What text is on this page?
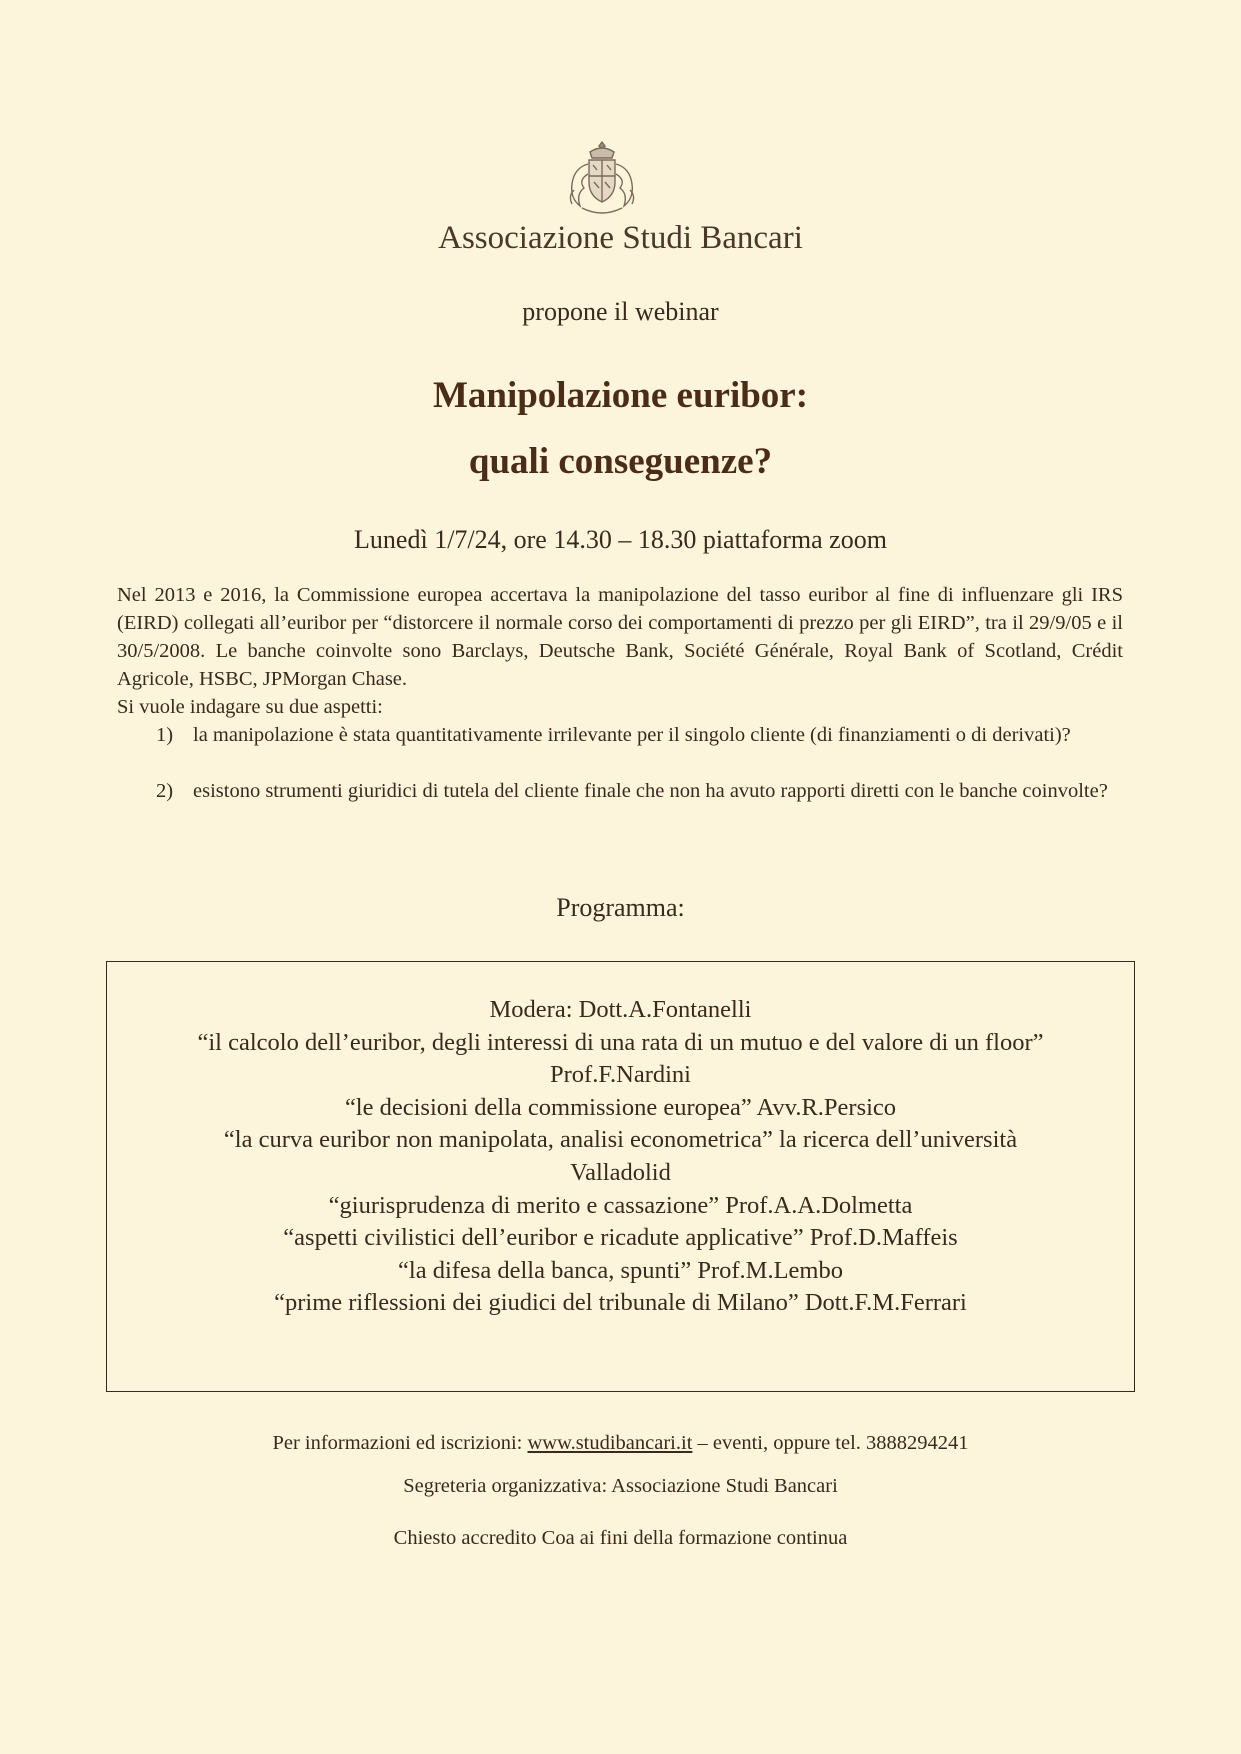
Associazione Studi Bancari
propone il webinar
Manipolazione euribor:
quali conseguenze?
Lunedì 1/7/24, ore 14.30 – 18.30 piattaforma zoom

Nel 2013 e 2016, la Commissione europea accertava la manipolazione del tasso euribor al fine di influenzare gli IRS (EIRD) collegati all’euribor per “distorcere il normale corso dei comportamenti di prezzo per gli EIRD”, tra il 29/9/05 e il 30/5/2008. Le banche coinvolte sono Barclays, Deutsche Bank, Société Générale, Royal Bank of Scotland, Crédit Agricole, HSBC, JPMorgan Chase.

Si vuole indagare su due aspetti:
1) la manipolazione è stata quantitativamente irrilevante per il singolo cliente (di finanziamenti o di derivati)?
2) esistono strumenti giuridici di tutela del cliente finale che non ha avuto rapporti diretti con le banche coinvolte?
Programma:
Modera: Dott.A.Fontanelli
“il calcolo dell’euribor, degli interessi di una rata di un mutuo e del valore di un floor”
Prof.F.Nardini
“le decisioni della commissione europea” Avv.R.Persico
“la curva euribor non manipolata, analisi econometrica” la ricerca dell’università
Valladolid
“giurisprudenza di merito e cassazione” Prof.A.A.Dolmetta
“aspetti civilistici dell’euribor e ricadute applicative” Prof.D.Maffeis
“la difesa della banca, spunti” Prof.M.Lembo
“prime riflessioni dei giudici del tribunale di Milano” Dott.F.M.Ferrari
Per informazioni ed iscrizioni: www.studibancari.it – eventi, oppure tel. 3888294241
Segreteria organizzativa: Associazione Studi Bancari
Chiesto accredito Coa ai fini della formazione continua
